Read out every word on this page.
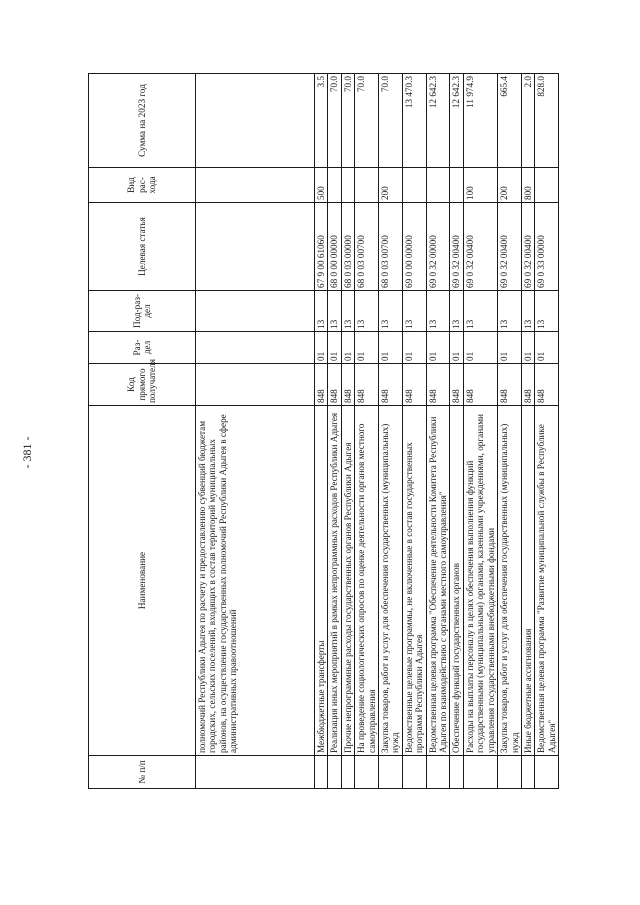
- 381 -
№ п/п	Наименование	Код прямого получателя	Раз-дел	Под-раз-дел	Целевая статья	Вид рас-хода	Сумма на 2023 год
	полномочий Республики Адыгея по расчету и предоставлению субвенций бюджетам городских, сельских поселений, входящих в состав территорий муниципальных районов, на осуществление государственных полномочий Республики Адыгея в сфере административных правоотношений						
	Межбюджетные трансферты	848	01	13	67 9 00 61060	500	3.5
	Реализация иных мероприятий в рамках непрограммных расходов Республики Адыгея	848	01	13	68 0 00 00000		70.0
	Прочие непрограммные расходы государственных органов Республики Адыгея	848	01	13	68 0 03 00000		70.0
	На проведение социологических опросов по оценке деятельности органов местного самоуправления	848	01	13	68 0 03 00700		70.0
	Закупка товаров, работ и услуг для обеспечения государственных (муниципальных) нужд	848	01	13	68 0 03 00700	200	70.0
	Ведомственные целевые программы, не включенные в состав государственных программ Республики Адыгея	848	01	13	69 0 00 00000		13 470.3
	Ведомственная целевая программа "Обеспечение деятельности Комитета Республики Адыгея по взаимодействию с органами местного самоуправления"	848	01	13	69 0 32 00000		12 642.3
	Обеспечение функций государственных органов	848	01	13	69 0 32 00400		12 642.3
	Расходы на выплаты персоналу в целях обеспечения выполнения функций государственными (муниципальными) органами, казенными учреждениями, органами управления государственными внебюджетными фондами	848	01	13	69 0 32 00400	100	11 974.9
	Закупка товаров, работ и услуг для обеспечения государственных (муниципальных) нужд	848	01	13	69 0 32 00400	200	665.4
	Иные бюджетные ассигнования	848	01	13	69 0 32 00400	800	2.0
	Ведомственная целевая программа "Развитие муниципальной службы в Республике Адыгея"	848	01	13	69 0 33 00000		828.0
